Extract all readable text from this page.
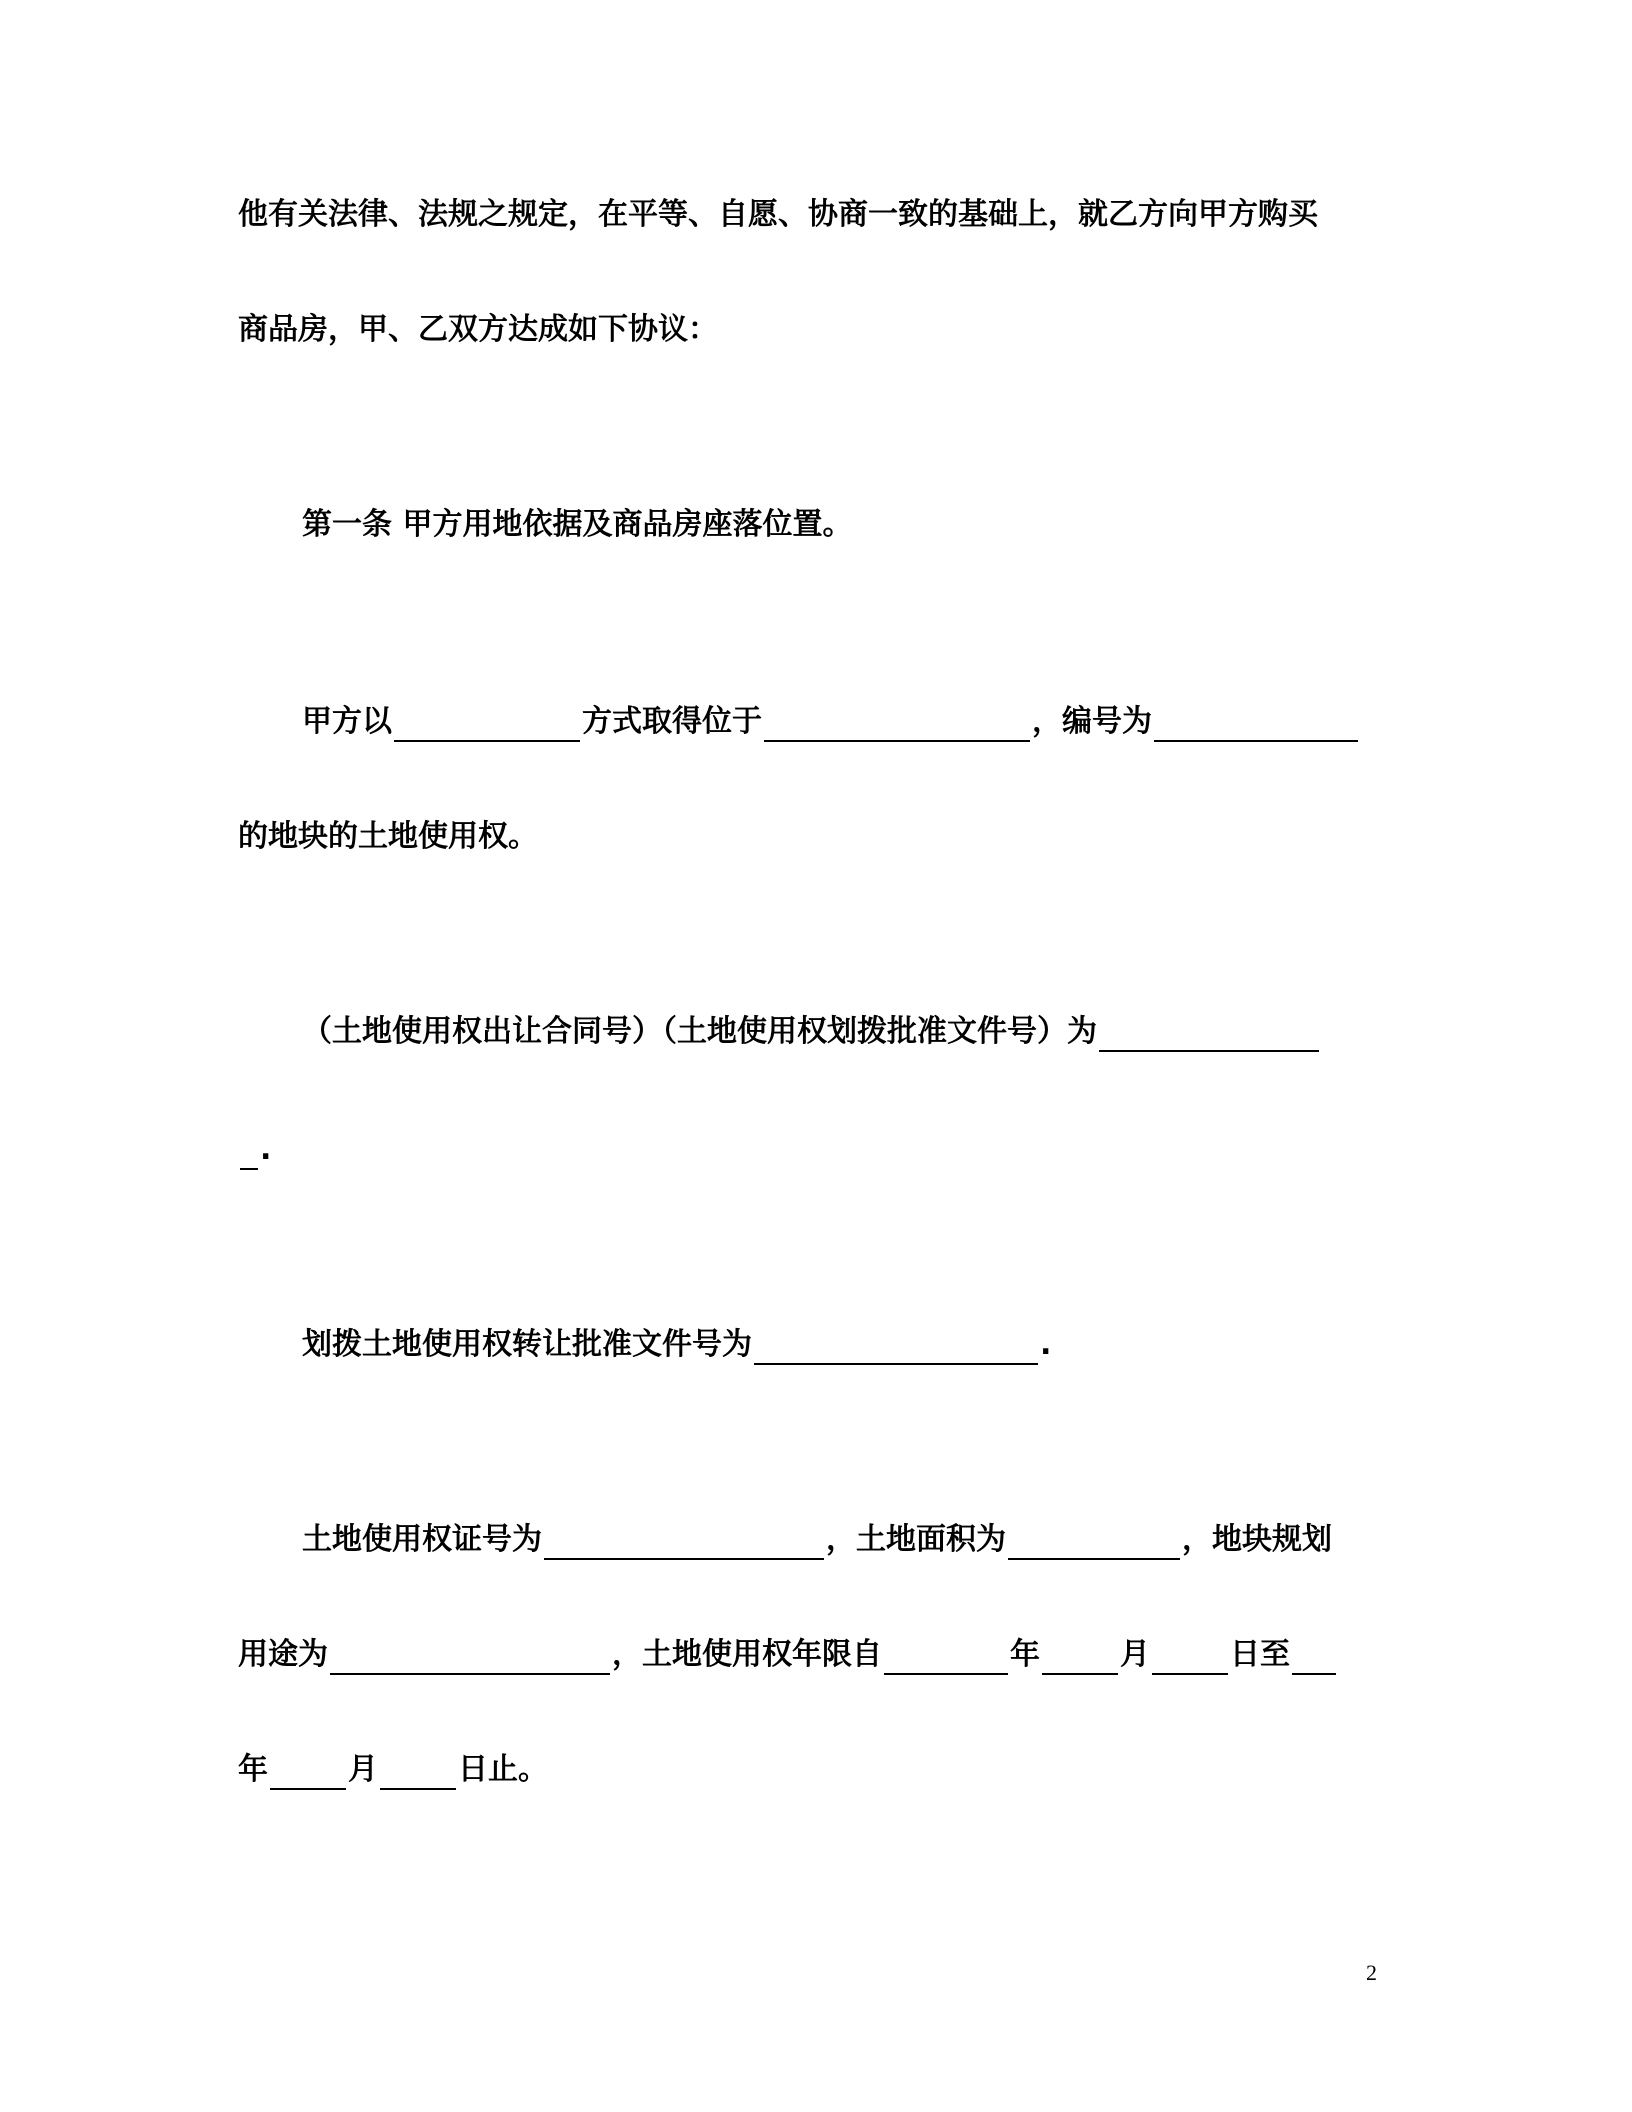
他有关法律、法规之规定，在平等、自愿、协商一致的基础上，就乙方向甲方购买
商品房，甲、乙双方达成如下协议：
第一条 甲方用地依据及商品房座落位置。
甲方以	方式取得位于	，编号为
的地块的土地使用权。
（土地使用权出让合同号）（土地使用权划拨批准文件号）为
.
划拨土地使用权转让批准文件号为	.
土地使用权证号为	，土地面积为	，地块规划
用途为	，土地使用权年限自	年	月	日至
年	月	日止。
2
